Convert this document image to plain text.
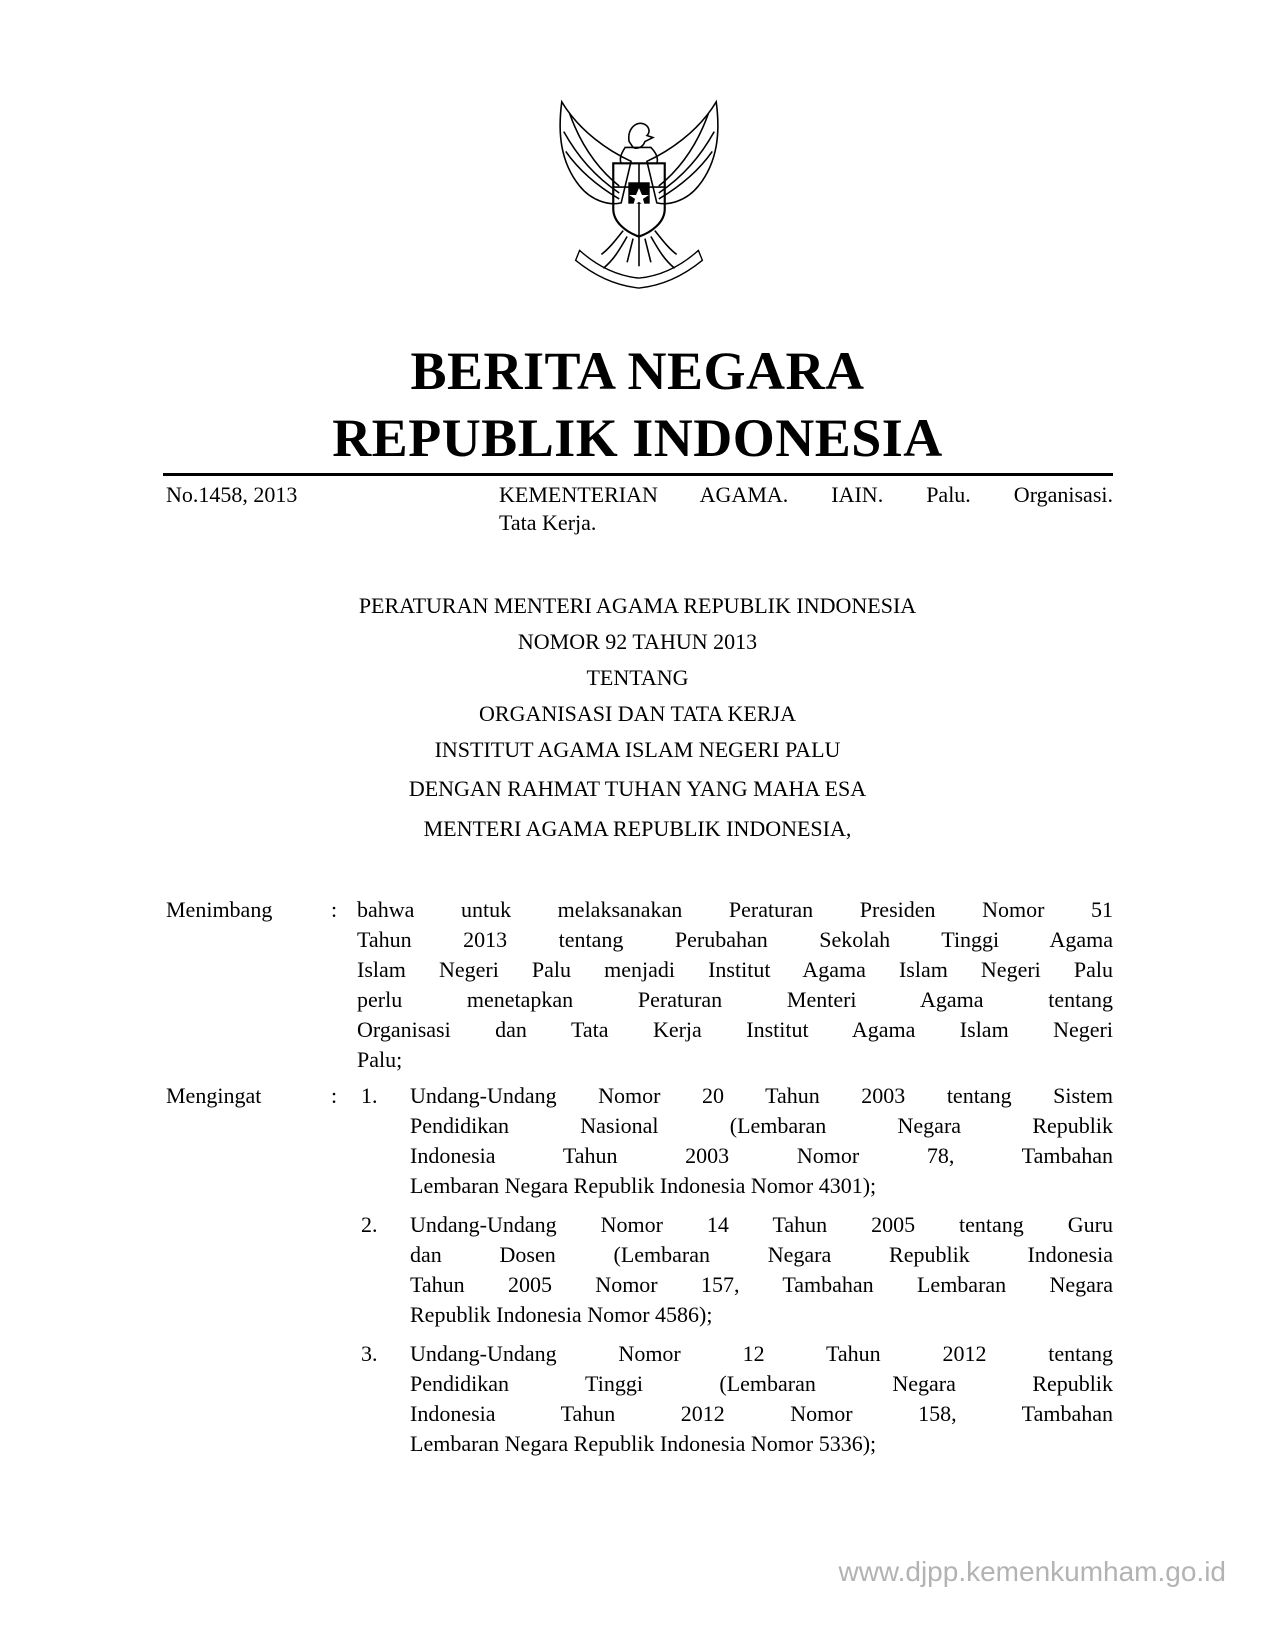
BERITA NEGARA
REPUBLIK INDONESIA
No.1458, 2013	KEMENTERIAN AGAMA. IAIN. Palu. Organisasi.
Tata Kerja.
PERATURAN MENTERI AGAMA REPUBLIK INDONESIA
NOMOR 92 TAHUN 2013
TENTANG
ORGANISASI DAN TATA KERJA
INSTITUT AGAMA ISLAM NEGERI PALU
DENGAN RAHMAT TUHAN YANG MAHA ESA
MENTERI AGAMA REPUBLIK INDONESIA,
Menimbang	: bahwa untuk melaksanakan Peraturan Presiden Nomor 51
Tahun 2013 tentang Perubahan Sekolah Tinggi Agama
Islam Negeri Palu menjadi Institut Agama Islam Negeri Palu
perlu menetapkan Peraturan Menteri Agama tentang
Organisasi dan Tata Kerja Institut Agama Islam Negeri
Palu;
Mengingat	: 1. Undang-Undang Nomor 20 Tahun 2003 tentang Sistem
Pendidikan Nasional (Lembaran Negara Republik
Indonesia Tahun 2003 Nomor 78, Tambahan
Lembaran Negara Republik Indonesia Nomor 4301);
2. Undang-Undang Nomor 14 Tahun 2005 tentang Guru
dan Dosen (Lembaran Negara Republik Indonesia
Tahun 2005 Nomor 157, Tambahan Lembaran Negara
Republik Indonesia Nomor 4586);
3. Undang-Undang Nomor 12 Tahun 2012 tentang
Pendidikan Tinggi (Lembaran Negara Republik
Indonesia Tahun 2012 Nomor 158, Tambahan
Lembaran Negara Republik Indonesia Nomor 5336);
www.djpp.kemenkumham.go.id
